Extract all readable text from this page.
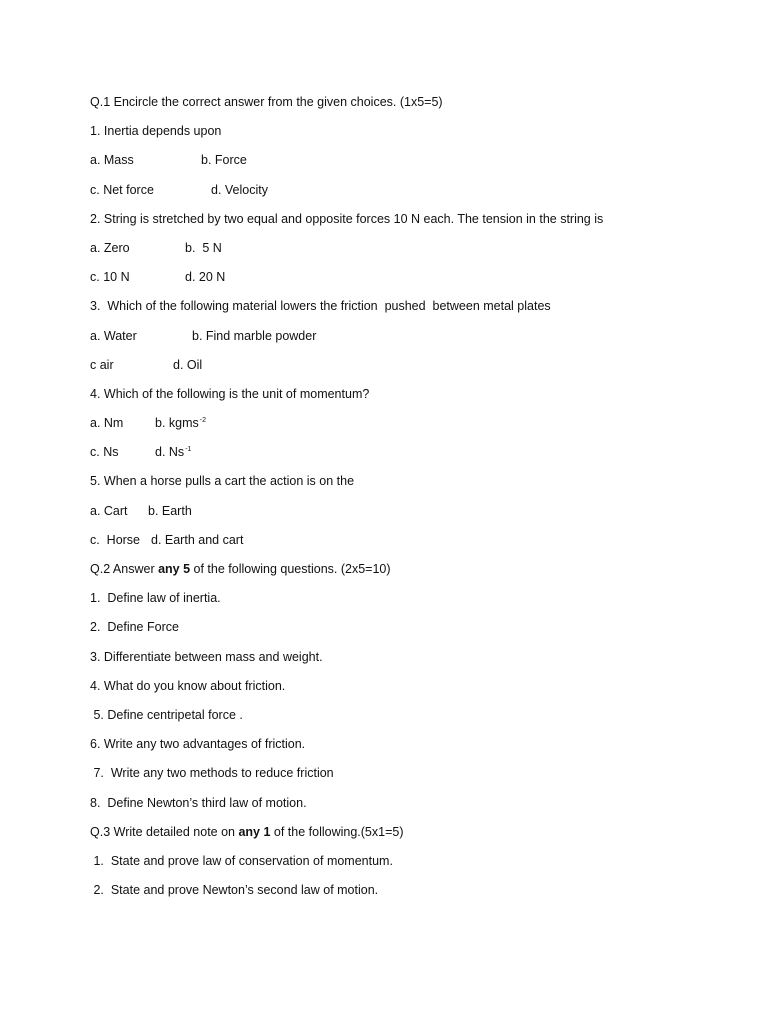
Q.1 Encircle the correct answer from the given choices. (1x5=5)
1. Inertia depends upon
a. Mass	b. Force
c. Net force	d. Velocity
2. String is stretched by two equal and opposite forces 10 N each. The tension in the string is
a. Zero	b.  5 N
c. 10 N	d. 20 N
3.  Which of the following material lowers the friction  pushed  between metal plates
a. Water	b. Find marble powder
c air	d. Oil
4. Which of the following is the unit of momentum?
a. Nm	b. kgms$^{-2}$
c. Ns	d. $Ns^{-1}$
5. When a horse pulls a cart the action is on the
a. Cart b. Earth
c.  Horse d. Earth and cart
Q.2 Answer any 5 of the following questions. (2x5=10)
1.  Define law of inertia.
2.  Define Force
3. Differentiate between mass and weight.
4. What do you know about friction.
5. Define centripetal force .
6. Write any two advantages of friction.
7.  Write any two methods to reduce friction
8.  Define Newton’s third law of motion.
Q.3 Write detailed note on any 1 of the following.(5x1=5)
1.  State and prove law of conservation of momentum.
2.  State and prove Newton’s second law of motion.
